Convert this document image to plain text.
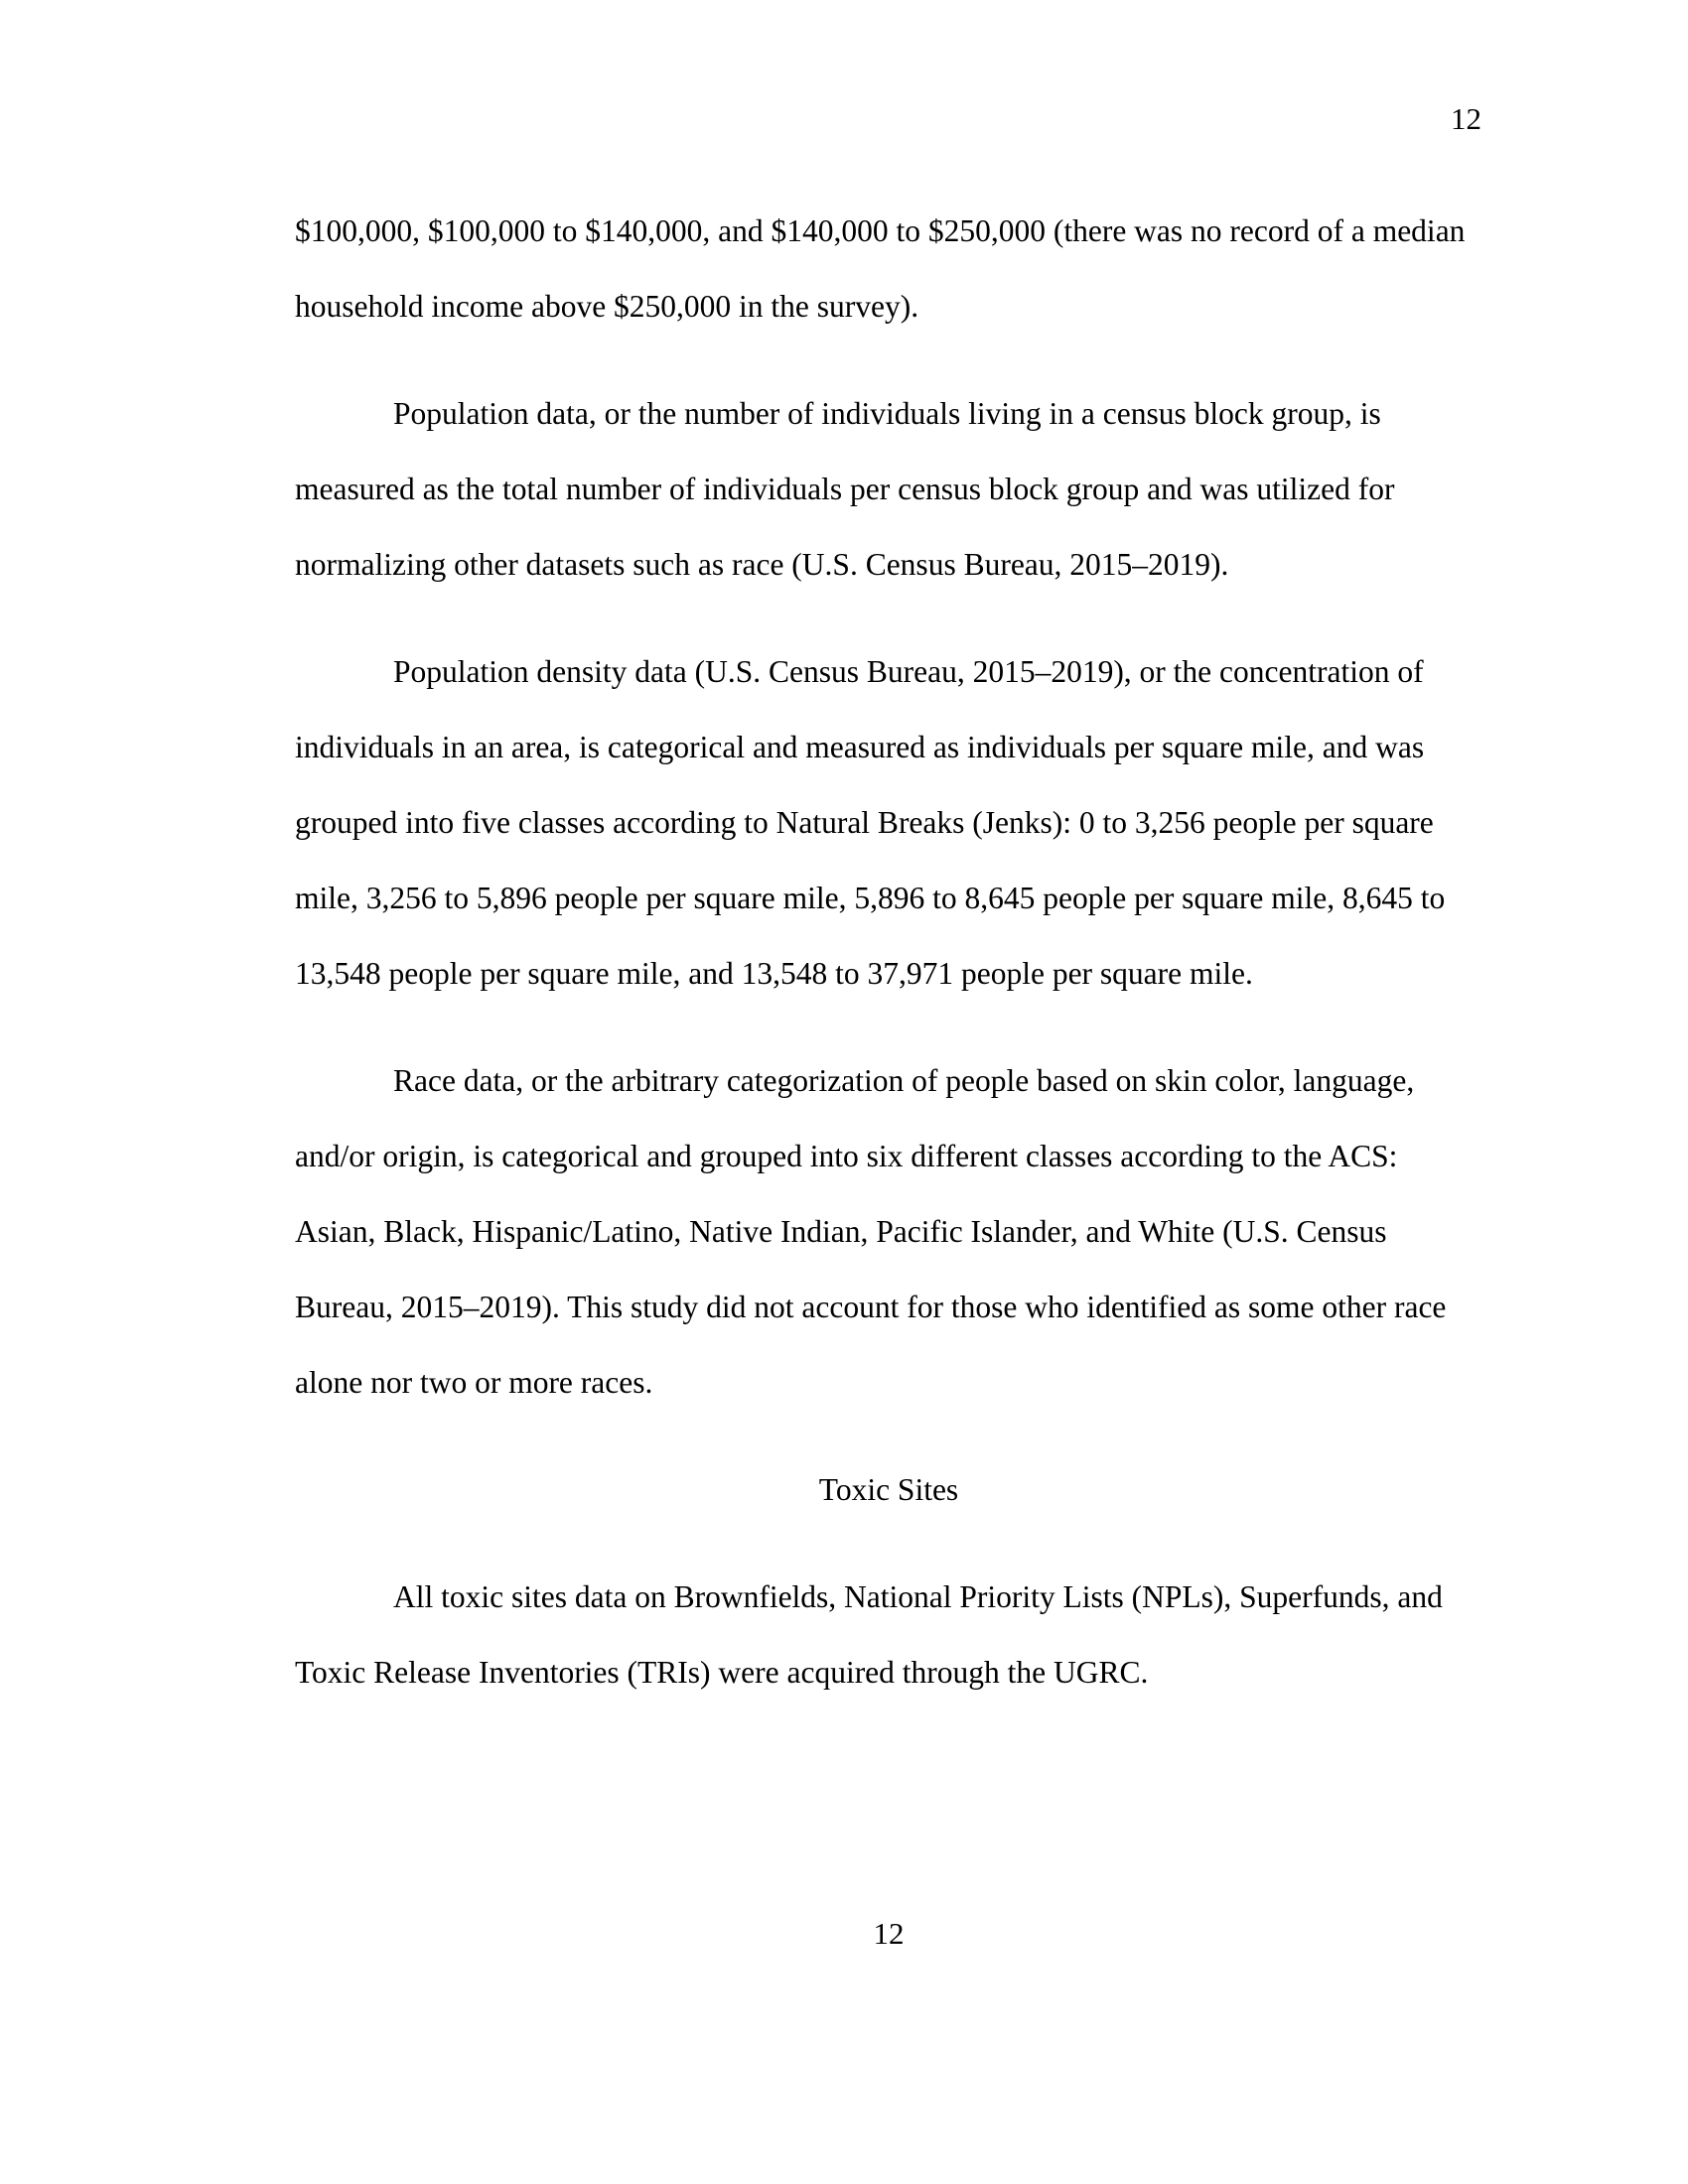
12

$100,000, $100,000 to $140,000, and $140,000 to $250,000 (there was no record of a median household income above $250,000 in the survey).

Population data, or the number of individuals living in a census block group, is measured as the total number of individuals per census block group and was utilized for normalizing other datasets such as race (U.S. Census Bureau, 2015–2019).

Population density data (U.S. Census Bureau, 2015–2019), or the concentration of individuals in an area, is categorical and measured as individuals per square mile, and was grouped into five classes according to Natural Breaks (Jenks): 0 to 3,256 people per square mile, 3,256 to 5,896 people per square mile, 5,896 to 8,645 people per square mile, 8,645 to 13,548 people per square mile, and 13,548 to 37,971 people per square mile.

Race data, or the arbitrary categorization of people based on skin color, language, and/or origin, is categorical and grouped into six different classes according to the ACS: Asian, Black, Hispanic/Latino, Native Indian, Pacific Islander, and White (U.S. Census Bureau, 2015–2019). This study did not account for those who identified as some other race alone nor two or more races.

Toxic Sites

All toxic sites data on Brownfields, National Priority Lists (NPLs), Superfunds, and Toxic Release Inventories (TRIs) were acquired through the UGRC.

12
